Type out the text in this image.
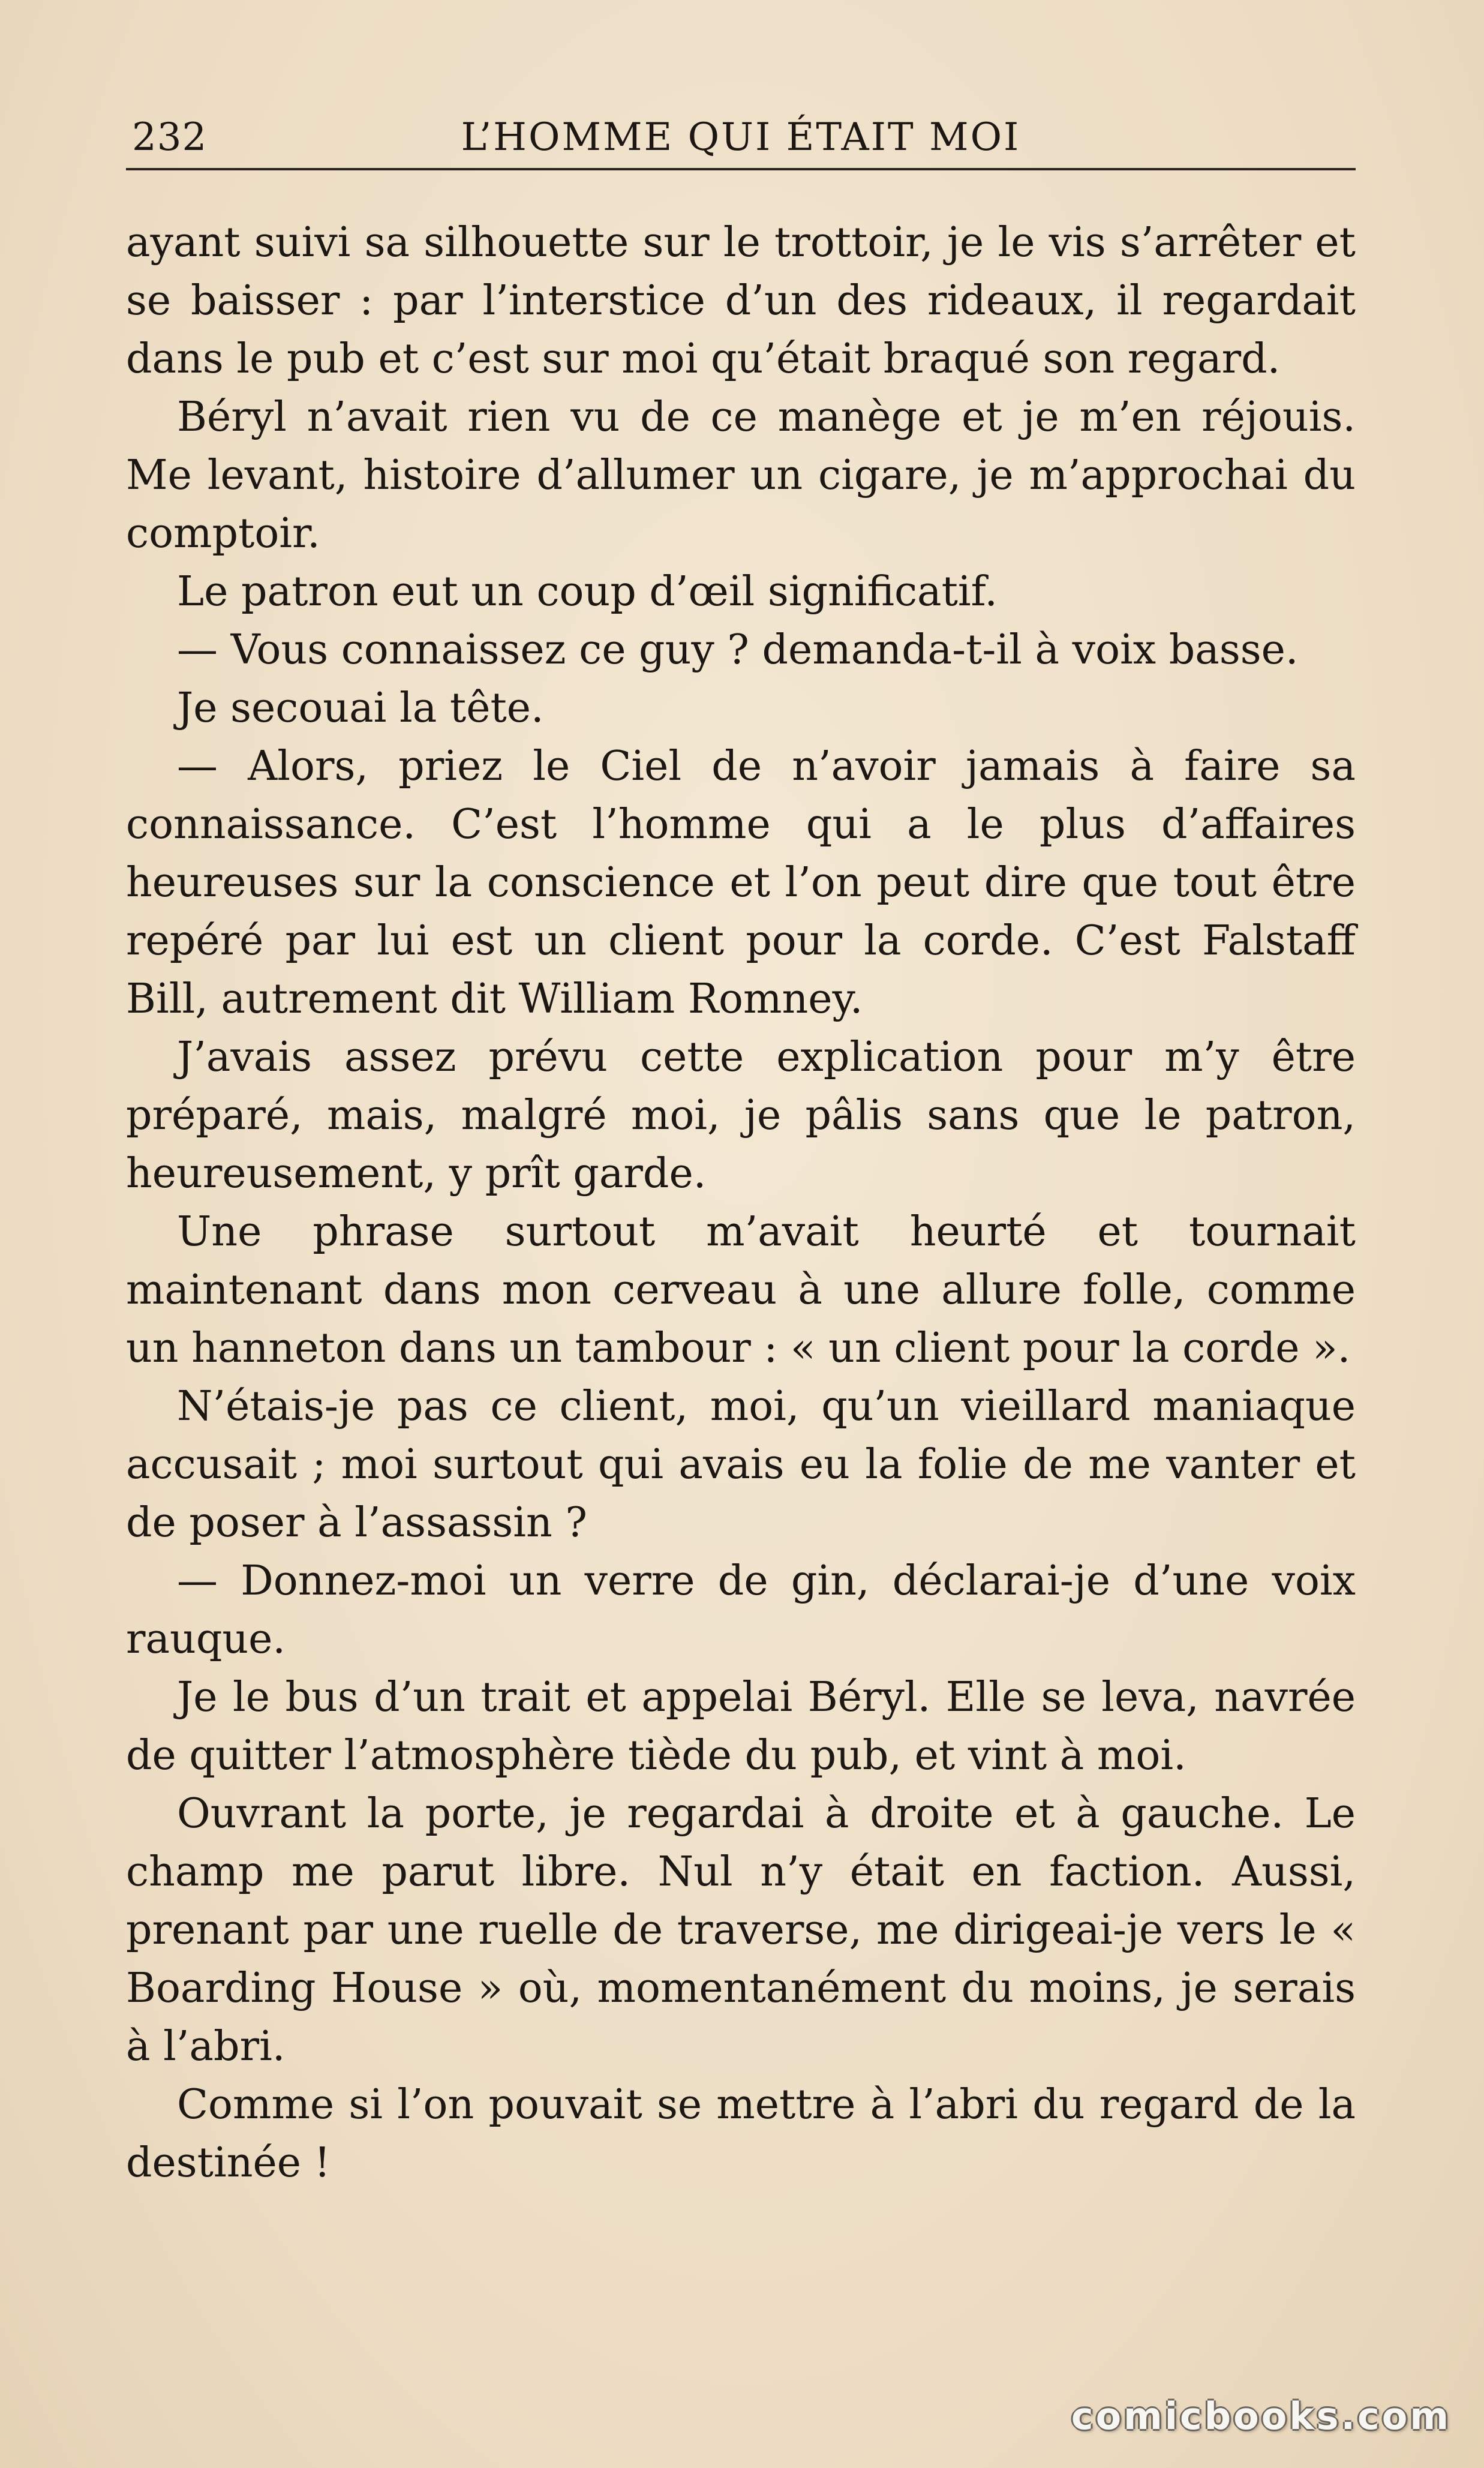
232	L’HOMME QUI ÉTAIT MOI

ayant suivi sa silhouette sur le trottoir, je le vis s’arrêter et se baisser : par l’interstice d’un des rideaux, il regardait dans le pub et c’est sur moi qu’était braqué son regard.

Béryl n’avait rien vu de ce manège et je m’en réjouis. Me levant, histoire d’allumer un cigare, je m’approchai du comptoir.

Le patron eut un coup d’œil significatif.

— Vous connaissez ce guy ? demanda-t-il à voix basse.

Je secouai la tête.

— Alors, priez le Ciel de n’avoir jamais à faire sa connaissance. C’est l’homme qui a le plus d’affaires heureuses sur la conscience et l’on peut dire que tout être repéré par lui est un client pour la corde. C’est Falstaff Bill, autrement dit William Romney.

J’avais assez prévu cette explication pour m’y être préparé, mais, malgré moi, je pâlis sans que le patron, heureusement, y prît garde.

Une phrase surtout m’avait heurté et tournait maintenant dans mon cerveau à une allure folle, comme un hanneton dans un tambour : « un client pour la corde ».

N’étais-je pas ce client, moi, qu’un vieillard maniaque accusait ; moi surtout qui avais eu la folie de me vanter et de poser à l’assassin ?

— Donnez-moi un verre de gin, déclarai-je d’une voix rauque.

Je le bus d’un trait et appelai Béryl. Elle se leva, navrée de quitter l’atmosphère tiède du pub, et vint à moi.

Ouvrant la porte, je regardai à droite et à gauche. Le champ me parut libre. Nul n’y était en faction. Aussi, prenant par une ruelle de traverse, me dirigeai-je vers le « Boarding House » où, momentanément du moins, je serais à l’abri.

Comme si l’on pouvait se mettre à l’abri du regard de la destinée !

comicbooks.com
